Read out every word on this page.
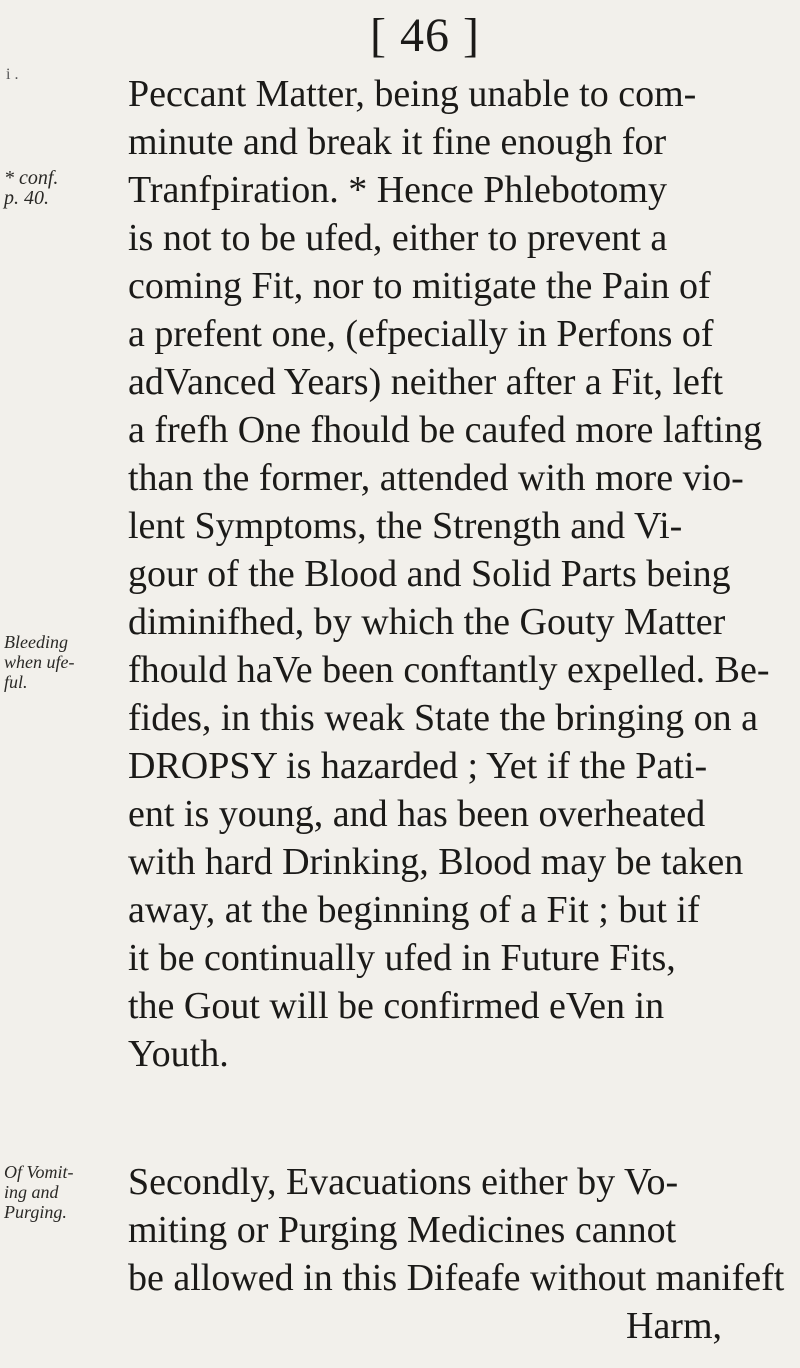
i .
[ 46 ]
* conf.
p. 40.
Bleeding
when ufe-
ful.
Of Vomit-
ing and
Purging.
Peccant Matter, being unable to com-
minute and break it fine enough for
Tranfpiration. * Hence Phlebotomy
is not to be ufed, either to prevent a
coming Fit, nor to mitigate the Pain of
a prefent one, (efpecially in Perfons of
adVanced Years) neither after a Fit, left
a frefh One fhould be caufed more lafting
than the former, attended with more vio-
lent Symptoms, the Strength and Vi-
gour of the Blood and Solid Parts being
diminifhed, by which the Gouty Matter
fhould haVe been conftantly expelled. Be-
fides, in this weak State the bringing on a
DROPSY is hazarded ; Yet if the Pati-
ent is young, and has been overheated
with hard Drinking, Blood may be taken
away, at the beginning of a Fit ; but if
it be continually ufed in Future Fits,
the Gout will be confirmed eVen in
Youth.
Secondly, Evacuations either by Vo-
miting or Purging Medicines cannot
be allowed in this Difeafe without manifeft
Harm,
